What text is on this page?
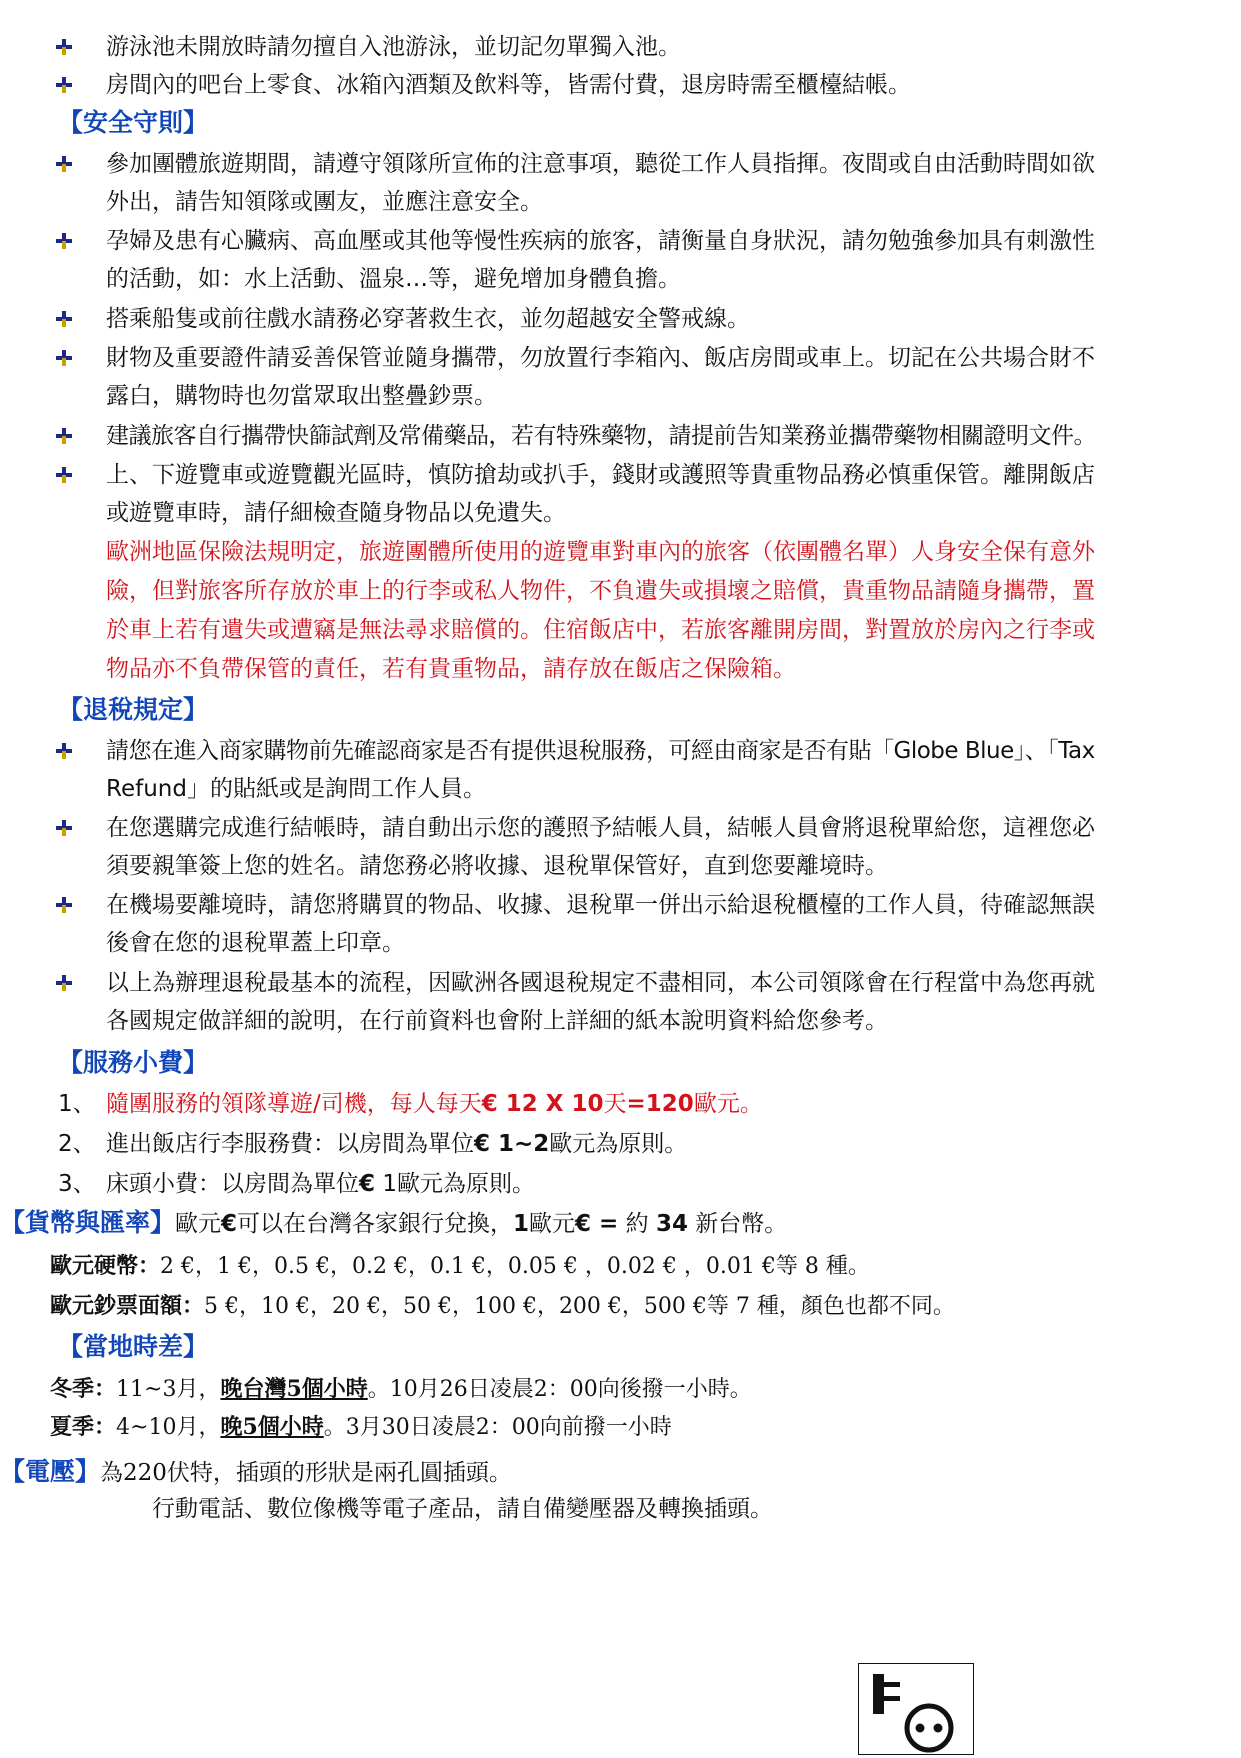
游泳池未開放時請勿擅自入池游泳，並切記勿單獨入池。
房間內的吧台上零食、冰箱內酒類及飲料等，皆需付費，退房時需至櫃檯結帳。
【安全守則】
參加團體旅遊期間，請遵守領隊所宣佈的注意事項，聽從工作人員指揮。夜間或自由活動時間如欲
外出，請告知領隊或團友，並應注意安全。
孕婦及患有心臟病、高血壓或其他等慢性疾病的旅客，請衡量自身狀況，請勿勉強參加具有刺激性
的活動，如：水上活動、溫泉…等，避免增加身體負擔。
搭乘船隻或前往戲水請務必穿著救生衣，並勿超越安全警戒線。
財物及重要證件請妥善保管並隨身攜帶，勿放置行李箱內、飯店房間或車上。切記在公共場合財不
露白，購物時也勿當眾取出整疊鈔票。
建議旅客自行攜帶快篩試劑及常備藥品，若有特殊藥物，請提前告知業務並攜帶藥物相關證明文件。
上、下遊覽車或遊覽觀光區時，慎防搶劫或扒手，錢財或護照等貴重物品務必慎重保管。離開飯店
或遊覽車時，請仔細檢查隨身物品以免遺失。
歐洲地區保險法規明定，旅遊團體所使用的遊覽車對車內的旅客（依團體名單）人身安全保有意外
險，但對旅客所存放於車上的行李或私人物件，不負遺失或損壞之賠償，貴重物品請隨身攜帶，置
於車上若有遺失或遭竊是無法尋求賠償的。住宿飯店中，若旅客離開房間，對置放於房內之行李或
物品亦不負帶保管的責任，若有貴重物品，請存放在飯店之保險箱。
【退稅規定】
請您在進入商家購物前先確認商家是否有提供退稅服務，可經由商家是否有貼「Globe Blue」、「Tax
Refund」的貼紙或是詢問工作人員。
在您選購完成進行結帳時，請自動出示您的護照予結帳人員，結帳人員會將退稅單給您，這裡您必
須要親筆簽上您的姓名。請您務必將收據、退稅單保管好，直到您要離境時。
在機場要離境時，請您將購買的物品、收據、退稅單一併出示給退稅櫃檯的工作人員，待確認無誤
後會在您的退稅單蓋上印章。
以上為辦理退稅最基本的流程，因歐洲各國退稅規定不盡相同，本公司領隊會在行程當中為您再就
各國規定做詳細的說明，在行前資料也會附上詳細的紙本說明資料給您參考。
【服務小費】
1、 隨團服務的領隊導遊/司機，每人每天€ 12 X 10天=120歐元。
2、 進出飯店行李服務費：以房間為單位€ 1~2歐元為原則。
3、 床頭小費：以房間為單位€ 1歐元為原則。
【貨幣與匯率】歐元€可以在台灣各家銀行兌換，1歐元€ = 約 34 新台幣。
歐元硬幣：2 €，1 €，0.5 €，0.2 €，0.1 €，0.05 € ，0.02 € ，0.01 €等 8 種。
歐元鈔票面額：5 €，10 €，20 €，50 €，100 €，200 €，500 €等 7 種，顏色也都不同。
【當地時差】
冬季：11~3月，晚台灣5個小時。10月26日凌晨2：00向後撥一小時。
夏季：4~10月，晚5個小時。3月30日凌晨2：00向前撥一小時
【電壓】為220伏特，插頭的形狀是兩孔圓插頭。
行動電話、數位像機等電子產品，請自備變壓器及轉換插頭。
